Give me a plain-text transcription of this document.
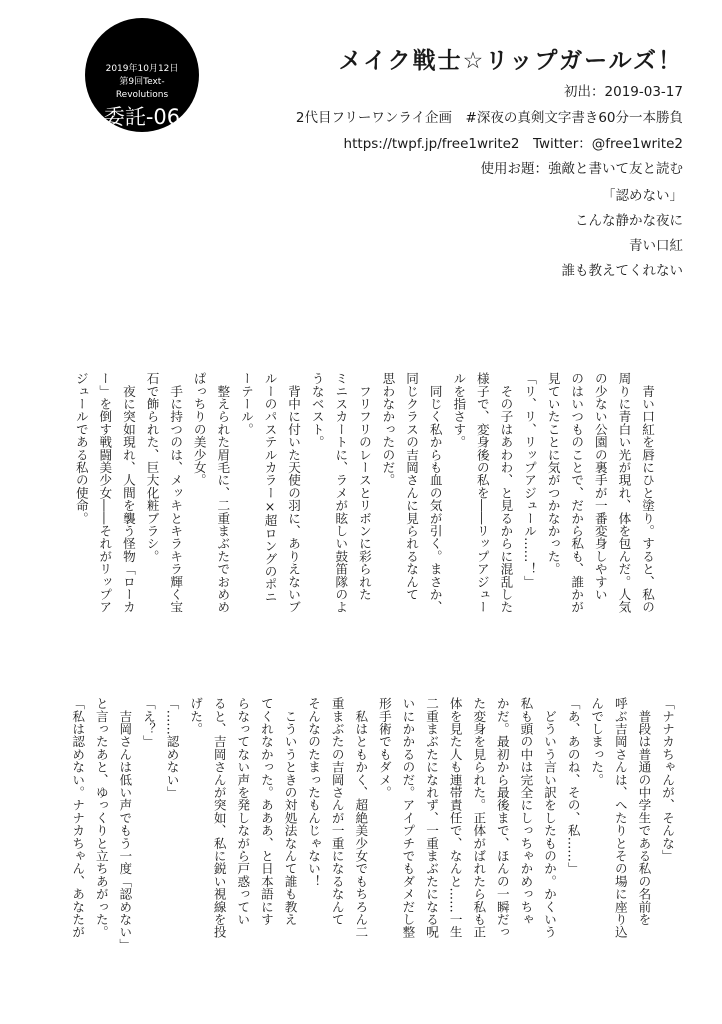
2019年10月12日
第9回Text-
Revolutions
委託-06
メイク戦士☆リップガールズ！
初出：2019-03-17
2代目フリーワンライ企画　#深夜の真剣文字書き60分一本勝負
https://twpf.jp/free1write2　Twitter：@free1write2
使用お題：強敵と書いて友と読む
「認めない」
こんな静かな夜に
青い口紅
誰も教えてくれない
　青い口紅を唇にひと塗り。すると、私の
周りに青白い光が現れ、体を包んだ。人気
の少ない公園の裏手が一番変身しやすい
のはいつものことで、だから私も、誰かが
見ていたことに気がつかなかった。
「リ、リ、リップアジュール……！」
　その子はあわわ、と見るからに混乱した
様子で、変身後の私を――リップアジュー
ルを指さす。
　同じく私からも血の気が引く。まさか、
同じクラスの吉岡さんに見られるなんて
思わなかったのだ。
　フリフリのレースとリボンに彩られた
ミニスカートに、ラメが眩しい鼓笛隊のよ
うなベスト。
　背中に付いた天使の羽に、ありえないブ
ルーのパステルカラー×超ロングのポニ
ーテール。
　整えられた眉毛に、二重まぶたでおめめ
ぱっちりの美少女。
　手に持つのは、メッキとキラキラ輝く宝
石で飾られた、巨大化粧ブラシ。
　夜に突如現れ、人間を襲う怪物「ローカ
ー」を倒す戦闘美少女――それがリップア
ジュールである私の使命。
「ナナカちゃんが、そんな」
　普段は普通の中学生である私の名前を
呼ぶ吉岡さんは、へたりとその場に座り込
んでしまった。
「あ、あのね、その、私……」
　どういう言い訳をしたものか。かくいう
私も頭の中は完全にしっちゃかめっちゃ
かだ。最初から最後まで、ほんの一瞬だっ
た変身を見られた。正体がばれたら私も正
体を見た人も連帯責任で、なんと……一生
二重まぶたになれず、一重まぶたになる呪
いにかかるのだ。アイプチでもダメだし整
形手術でもダメ。
　私はともかく、超絶美少女でもちろん二
重まぶたの吉岡さんが一重になるなんて
そんなのたまったもんじゃない！
　こういうときの対処法なんて誰も教え
てくれなかった。あああ、と日本語にす
らなってない声を発しながら戸惑ってい
ると、吉岡さんが突如、私に鋭い視線を投
げた。
「……認めない」
「え？」
　吉岡さんは低い声でもう一度「認めない」
と言ったあと、ゆっくりと立ちあがった。
「私は認めない。ナナカちゃん、あなたが
